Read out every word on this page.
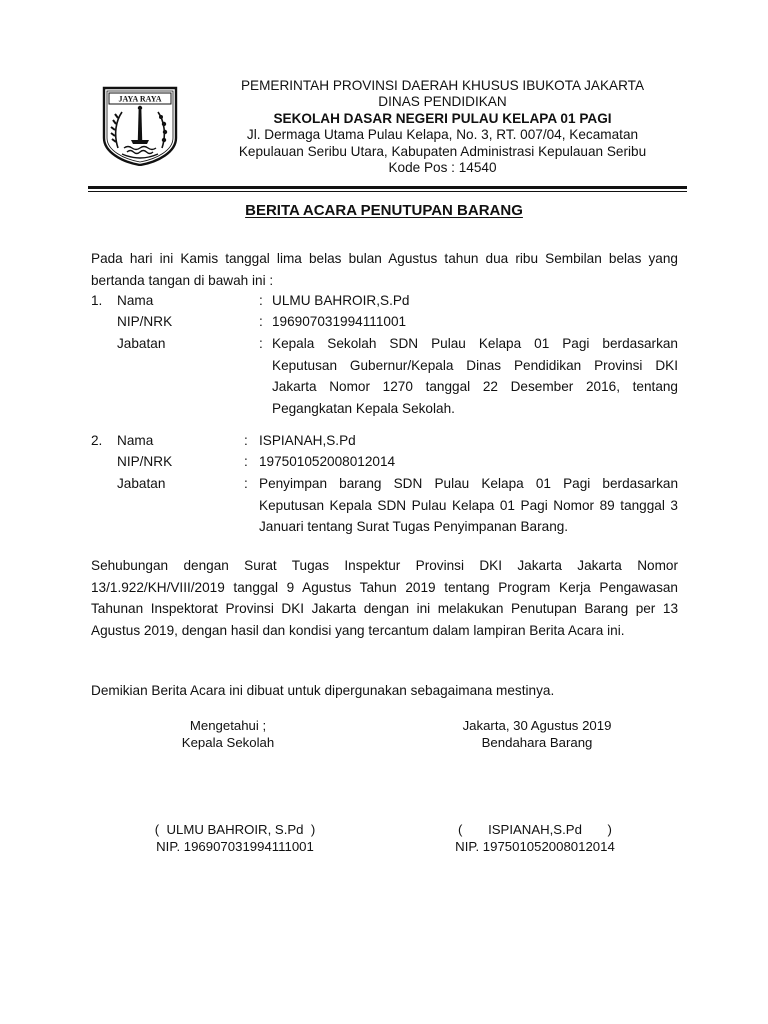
JAYA RAYA
PEMERINTAH PROVINSI DAERAH KHUSUS IBUKOTA JAKARTA
DINAS PENDIDIKAN
SEKOLAH DASAR NEGERI PULAU KELAPA 01 PAGI
Jl. Dermaga Utama Pulau Kelapa, No. 3, RT. 007/04, Kecamatan
Kepulauan Seribu Utara, Kabupaten Administrasi Kepulauan Seribu
Kode Pos : 14540
BERITA ACARA PENUTUPAN BARANG
Pada hari ini Kamis tanggal lima belas bulan Agustus tahun dua ribu Sembilan belas yang bertanda tangan di bawah ini :
1.	Nama	: ULMU BAHROIR,S.Pd
NIP/NRK	: 196907031994111001
Jabatan	: Kepala Sekolah SDN Pulau Kelapa 01 Pagi berdasarkan Keputusan Gubernur/Kepala Dinas Pendidikan Provinsi DKI Jakarta Nomor 1270 tanggal 22 Desember 2016, tentang Pegangkatan Kepala Sekolah.
2.	Nama	: ISPIANAH,S.Pd
NIP/NRK	: 197501052008012014
Jabatan	: Penyimpan barang SDN Pulau Kelapa 01 Pagi berdasarkan Keputusan Kepala SDN Pulau Kelapa 01 Pagi Nomor 89 tanggal 3 Januari tentang Surat Tugas Penyimpanan Barang.
Sehubungan dengan Surat Tugas Inspektur Provinsi DKI Jakarta Jakarta Nomor 13/1.922/KH/VIII/2019 tanggal 9 Agustus Tahun 2019 tentang Program Kerja Pengawasan Tahunan Inspektorat Provinsi DKI Jakarta dengan ini melakukan Penutupan Barang per 13 Agustus 2019, dengan hasil dan kondisi yang tercantum dalam lampiran Berita Acara ini.
Demikian Berita Acara ini dibuat untuk dipergunakan sebagaimana mestinya.
Mengetahui ;
Kepala Sekolah
Jakarta, 30 Agustus 2019
Bendahara Barang
(  ULMU BAHROIR, S.Pd  )
NIP. 196907031994111001
(       ISPIANAH,S.Pd       )
NIP. 197501052008012014
